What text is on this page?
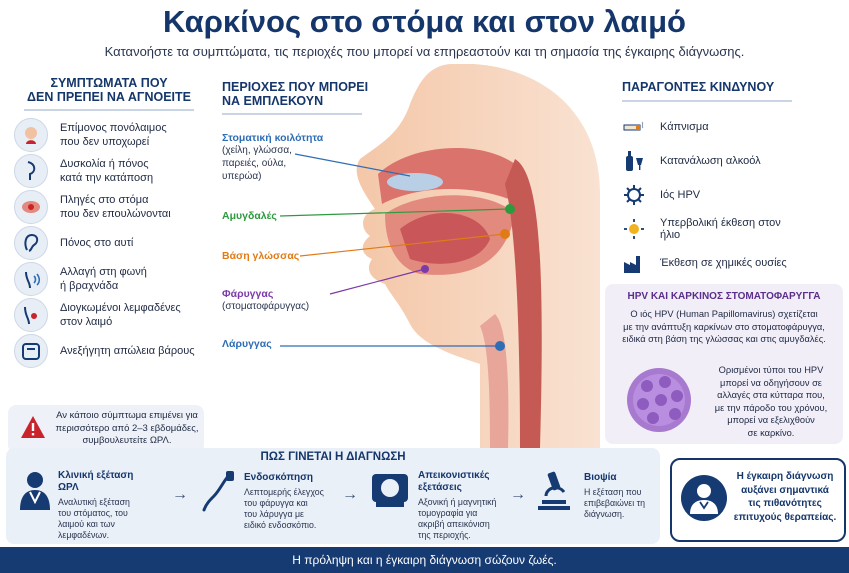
Καρκίνος στο στόμα και στον λαιμό
Κατανοήστε τα συμπτώματα, τις περιοχές που μπορεί να επηρεαστούν και τη σημασία της έγκαιρης διάγνωσης.
ΣΥΜΠΤΩΜΑΤΑ ΠΟΥ
ΔΕΝ ΠΡΕΠΕΙ ΝΑ ΑΓΝΟΕΙΤΕ
Επίμονος πονόλαιμος
που δεν υποχωρεί
Δυσκολία ή πόνος
κατά την κατάποση
Πληγές στο στόμα
που δεν επουλώνονται
Πόνος στο αυτί
Αλλαγή στη φωνή
ή βραχνάδα
Διογκωμένοι λεμφαδένες
στον λαιμό
Ανεξήγητη απώλεια βάρους
Αν κάποιο σύμπτωμα επιμένει για
περισσότερο από 2–3 εβδομάδες,
συμβουλευτείτε ΩΡΛ.
ΠΕΡΙΟΧΕΣ ΠΟΥ ΜΠΟΡΕΙ
ΝΑ ΕΜΠΛΕΚΟΥΝ
Στοματική κοιλότητα
(χείλη, γλώσσα,
παρειές, ούλα,
υπερώα)
Αμυγδαλές
Βάση γλώσσας
Φάρυγγας
(στοματοφάρυγγας)
Λάρυγγας
ΠΑΡΑΓΟΝΤΕΣ ΚΙΝΔΥΝΟΥ
Κάπνισμα
Κατανάλωση αλκοόλ
Ιός HPV
Υπερβολική έκθεση στον ήλιο
Έκθεση σε χημικές ουσίες
HPV ΚΑΙ ΚΑΡΚΙΝΟΣ ΣΤΟΜΑΤΟΦΑΡΥΓΓΑ
Ο ιός HPV (Human Papillomavirus) σχετίζεται
με την ανάπτυξη καρκίνων στο στοματοφάρυγγα,
ειδικά στη βάση της γλώσσας και στις αμυγδαλές.
Ορισμένοι τύποι του HPV
μπορεί να οδηγήσουν σε
αλλαγές στα κύτταρα που,
με την πάροδο του χρόνου,
μπορεί να εξελιχθούν
σε καρκίνο.
ΠΩΣ ΓΙΝΕΤΑΙ Η ΔΙΑΓΝΩΣΗ
Κλινική εξέταση
ΩΡΛ
Αναλυτική εξέταση
του στόματος, του
λαιμού και των
λεμφαδένων.
→
Ενδοσκόπηση
Λεπτομερής έλεγχος
του φάρυγγα και
του λάρυγγα με
ειδικό ενδοσκόπιο.
→
Απεικονιστικές
εξετάσεις
Αξονική ή μαγνητική
τομογραφία για
ακριβή απεικόνιση
της περιοχής.
→
Βιοψία
Η εξέταση που
επιβεβαιώνει τη
διάγνωση.
Η έγκαιρη διάγνωση
αυξάνει σημαντικά
τις πιθανότητες
επιτυχούς θεραπείας.
Η πρόληψη και η έγκαιρη διάγνωση σώζουν ζωές.
